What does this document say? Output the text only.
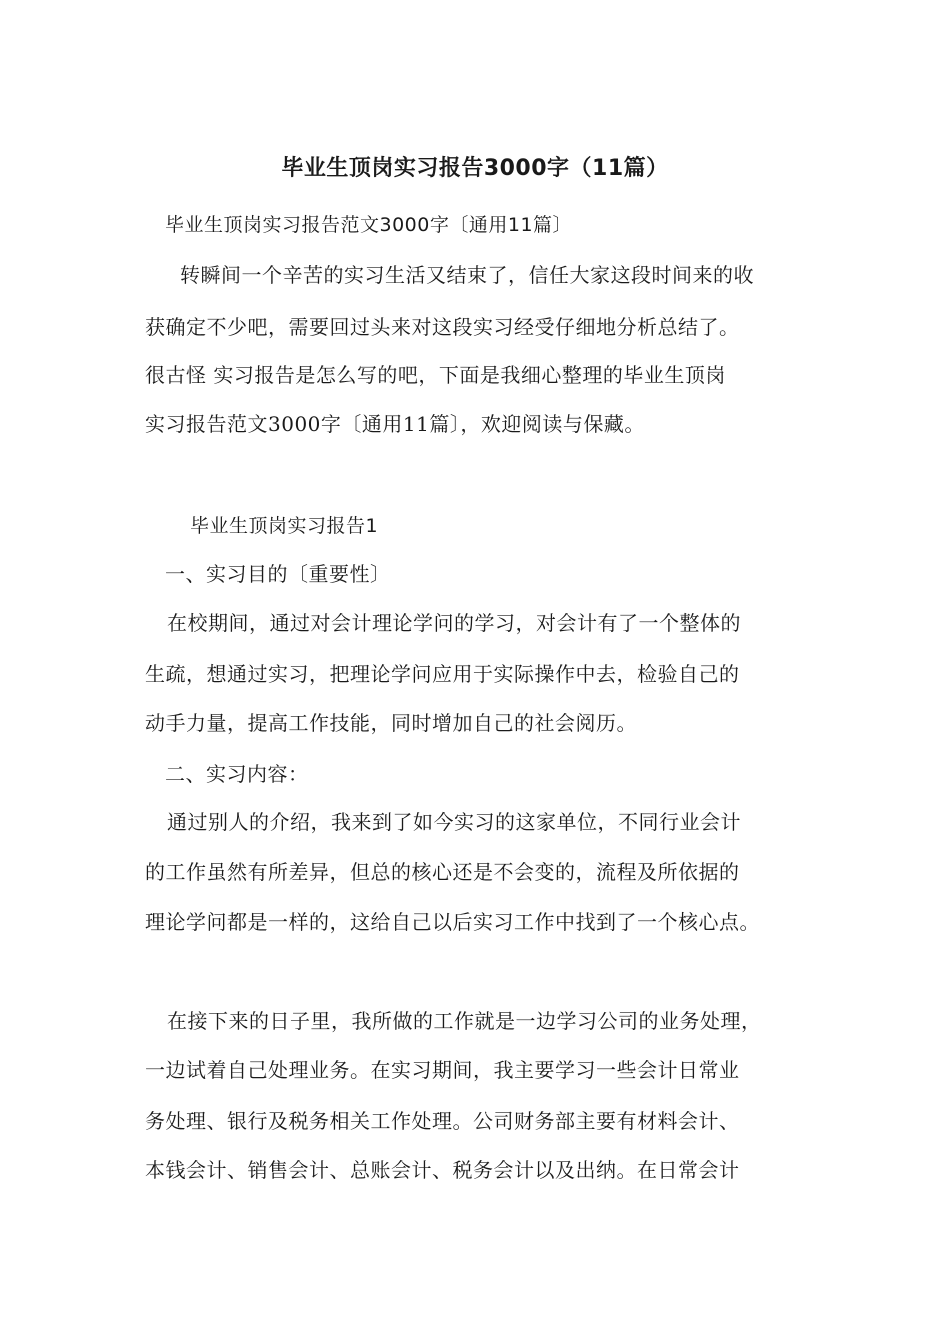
毕业生顶岗实习报告3000字（11篇）
毕业生顶岗实习报告范文3000字〔通用11篇〕
转瞬间一个辛苦的实习生活又结束了，信任大家这段时间来的收
获确定不少吧，需要回过头来对这段实习经受仔细地分析总结了。
很古怪 实习报告是怎么写的吧，下面是我细心整理的毕业生顶岗
实习报告范文3000字〔通用11篇〕，欢迎阅读与保藏。
毕业生顶岗实习报告1
一、实习目的〔重要性〕
在校期间，通过对会计理论学问的学习，对会计有了一个整体的
生疏，想通过实习，把理论学问应用于实际操作中去，检验自己的
动手力量，提高工作技能，同时增加自己的社会阅历。
二、实习内容：
通过别人的介绍，我来到了如今实习的这家单位，不同行业会计
的工作虽然有所差异，但总的核心还是不会变的，流程及所依据的
理论学问都是一样的，这给自己以后实习工作中找到了一个核心点。
在接下来的日子里，我所做的工作就是一边学习公司的业务处理，
一边试着自己处理业务。在实习期间，我主要学习一些会计日常业
务处理、银行及税务相关工作处理。公司财务部主要有材料会计、
本钱会计、销售会计、总账会计、税务会计以及出纳。在日常会计
